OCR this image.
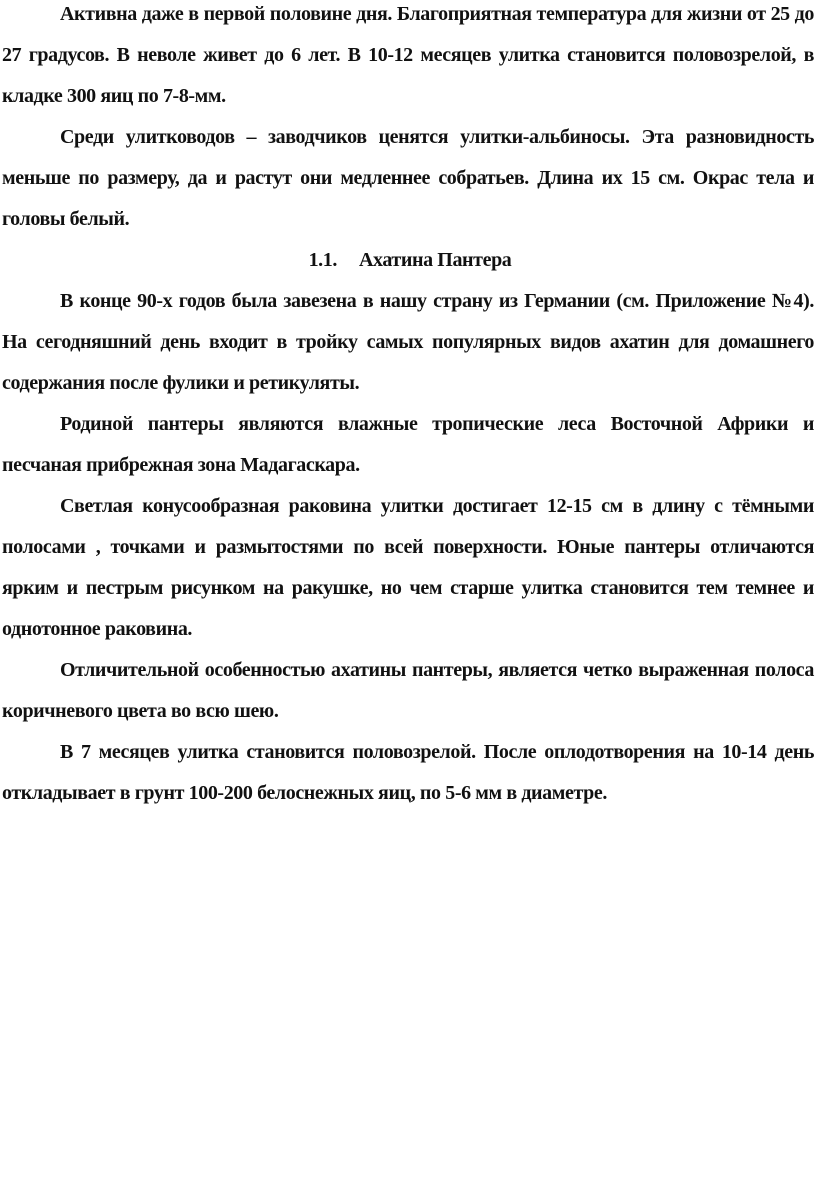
Активна даже в первой половине дня. Благоприятная температура для жизни от 25 до 27 градусов. В неволе живет до 6 лет. В 10-12 месяцев улитка становится половозрелой, в кладке 300 яиц по 7-8-мм.

Среди улитководов – заводчиков ценятся улитки-альбиносы. Эта разновидность меньше по размеру, да и растут они медленнее собратьев. Длина их 15 см. Окрас тела и головы белый.

1.1. Ахатина Пантера

В конце 90-х годов была завезена в нашу страну из Германии (см. Приложение №4). На сегодняшний день входит в тройку самых популярных видов ахатин для домашнего содержания после фулики и ретикуляты.

Родиной пантеры являются влажные тропические леса Восточной Африки и песчаная прибрежная зона Мадагаскара.

Светлая конусообразная раковина улитки достигает 12-15 см в длину с тёмными полосами , точками и размытостями по всей поверхности. Юные пантеры отличаются ярким и пестрым рисунком на ракушке, но чем старше улитка становится тем темнее и однотонное раковина.

Отличительной особенностью ахатины пантеры, является четко выраженная полоса коричневого цвета во всю шею.

В 7 месяцев улитка становится половозрелой. После оплодотворения на 10-14 день откладывает в грунт 100-200 белоснежных яиц, по 5-6 мм в диаметре.
